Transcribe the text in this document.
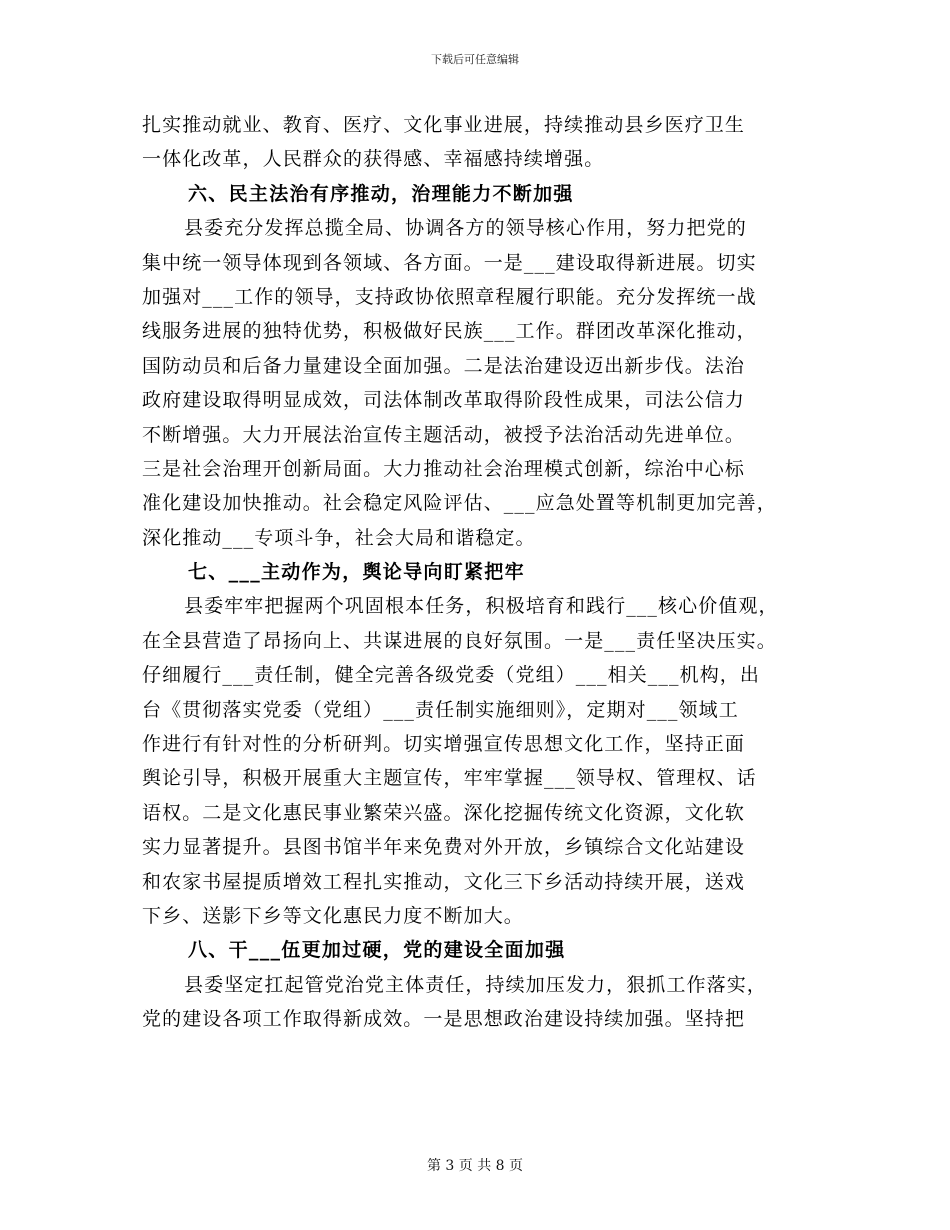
下载后可任意编辑
扎实推动就业、教育、医疗、文化事业进展，持续推动县乡医疗卫生
一体化改革，人民群众的获得感、幸福感持续增强。
六、民主法治有序推动，治理能力不断加强
县委充分发挥总揽全局、协调各方的领导核心作用，努力把党的
集中统一领导体现到各领域、各方面。一是___建设取得新进展。切实
加强对___工作的领导，支持政协依照章程履行职能。充分发挥统一战
线服务进展的独特优势，积极做好民族___工作。群团改革深化推动，
国防动员和后备力量建设全面加强。二是法治建设迈出新步伐。法治
政府建设取得明显成效，司法体制改革取得阶段性成果，司法公信力
不断增强。大力开展法治宣传主题活动，被授予法治活动先进单位。
三是社会治理开创新局面。大力推动社会治理模式创新，综治中心标
准化建设加快推动。社会稳定风险评估、___应急处置等机制更加完善，
深化推动___专项斗争，社会大局和谐稳定。
七、___主动作为，舆论导向盯紧把牢
县委牢牢把握两个巩固根本任务，积极培育和践行___核心价值观，
在全县营造了昂扬向上、共谋进展的良好氛围。一是___责任坚决压实。
仔细履行___责任制，健全完善各级党委（党组）___相关___机构，出
台《贯彻落实党委（党组）___责任制实施细则》，定期对___领域工
作进行有针对性的分析研判。切实增强宣传思想文化工作，坚持正面
舆论引导，积极开展重大主题宣传，牢牢掌握___领导权、管理权、话
语权。二是文化惠民事业繁荣兴盛。深化挖掘传统文化资源，文化软
实力显著提升。县图书馆半年来免费对外开放，乡镇综合文化站建设
和农家书屋提质增效工程扎实推动，文化三下乡活动持续开展，送戏
下乡、送影下乡等文化惠民力度不断加大。
八、干___伍更加过硬，党的建设全面加强
县委坚定扛起管党治党主体责任，持续加压发力，狠抓工作落实，
党的建设各项工作取得新成效。一是思想政治建设持续加强。坚持把
第 3 页 共 8 页
